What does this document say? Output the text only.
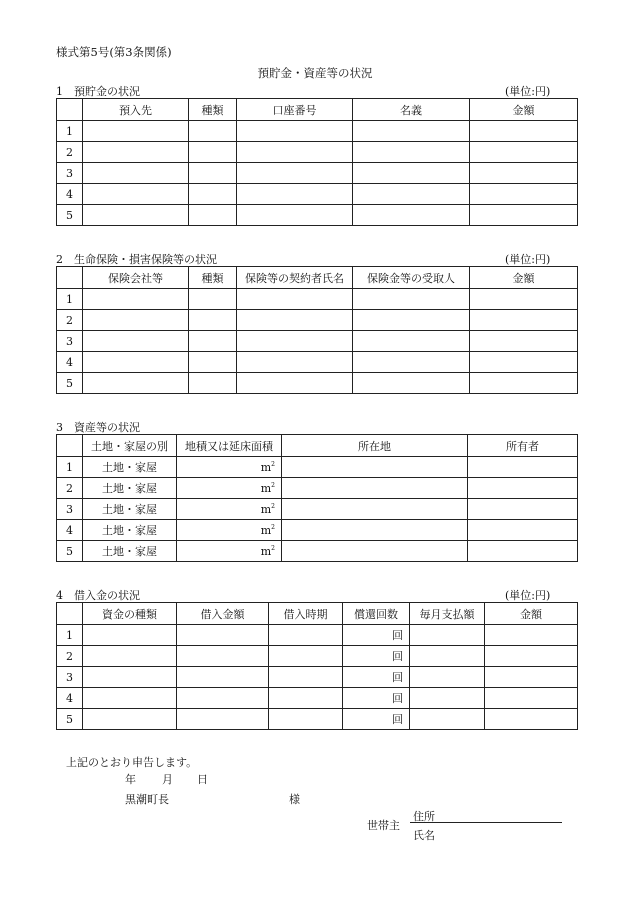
様式第5号(第3条関係)
預貯金・資産等の状況
1　預貯金の状況	(単位:円)
	預入先	種類	口座番号	名義	金額
1					
2					
3					
4					
5					
2　生命保険・損害保険等の状況	(単位:円)
	保険会社等	種類	保険等の契約者氏名	保険金等の受取人	金額
1					
2					
3					
4					
5					
3　資産等の状況
	土地・家屋の別	地積又は延床面積	所在地	所有者
1	土地・家屋	$m^2$		
2	土地・家屋	$m^2$		
3	土地・家屋	$m^2$		
4	土地・家屋	$m^2$		
5	土地・家屋	$m^2$		
4　借入金の状況	(単位:円)
	資金の種類	借入金額	借入時期	償還回数	毎月支払額	金額
1				回		
2				回		
3				回		
4				回		
5				回		
上記のとおり申告します。
年 月 日
黒潮町長	様
世帯主
住所
氏名
